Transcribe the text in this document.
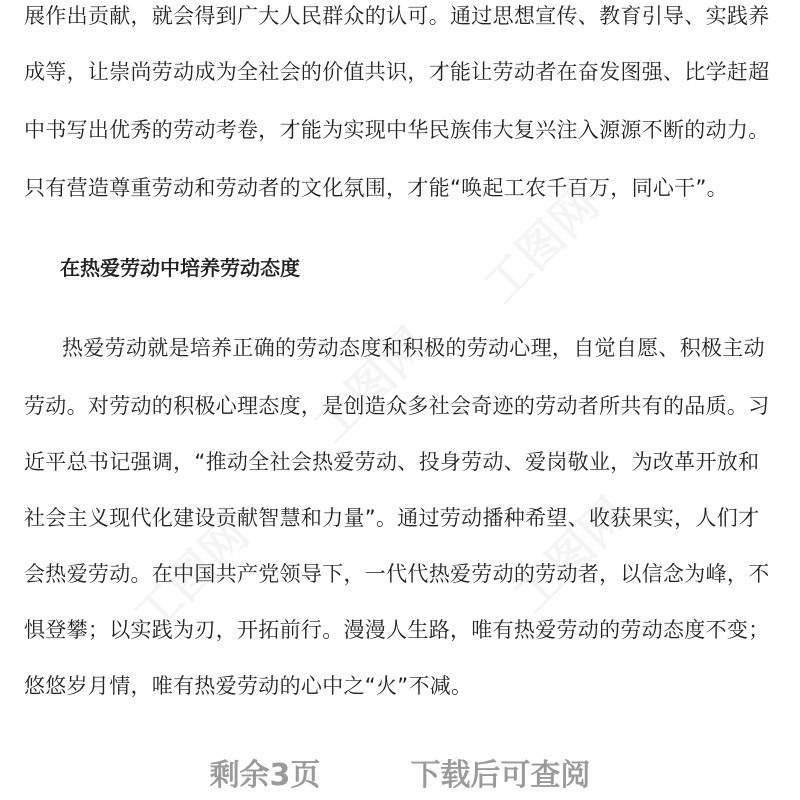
展作出贡献，就会得到广大人民群众的认可。通过思想宣传、教育引导、实践养
成等，让崇尚劳动成为全社会的价值共识，才能让劳动者在奋发图强、比学赶超
中书写出优秀的劳动考卷，才能为实现中华民族伟大复兴注入源源不断的动力。
只有营造尊重劳动和劳动者的文化氛围，才能“唤起工农千百万，同心干”。
在热爱劳动中培养劳动态度
热爱劳动就是培养正确的劳动态度和积极的劳动心理，自觉自愿、积极主动
劳动。对劳动的积极心理态度，是创造众多社会奇迹的劳动者所共有的品质。习
近平总书记强调，“推动全社会热爱劳动、投身劳动、爱岗敬业，为改革开放和
社会主义现代化建设贡献智慧和力量”。通过劳动播种希望、收获果实，人们才
会热爱劳动。在中国共产党领导下，一代代热爱劳动的劳动者，以信念为峰，不
惧登攀；以实践为刃，开拓前行。漫漫人生路，唯有热爱劳动的劳动态度不变；
悠悠岁月情，唯有热爱劳动的心中之“火”不减。
剩余3页	下载后可查阅
